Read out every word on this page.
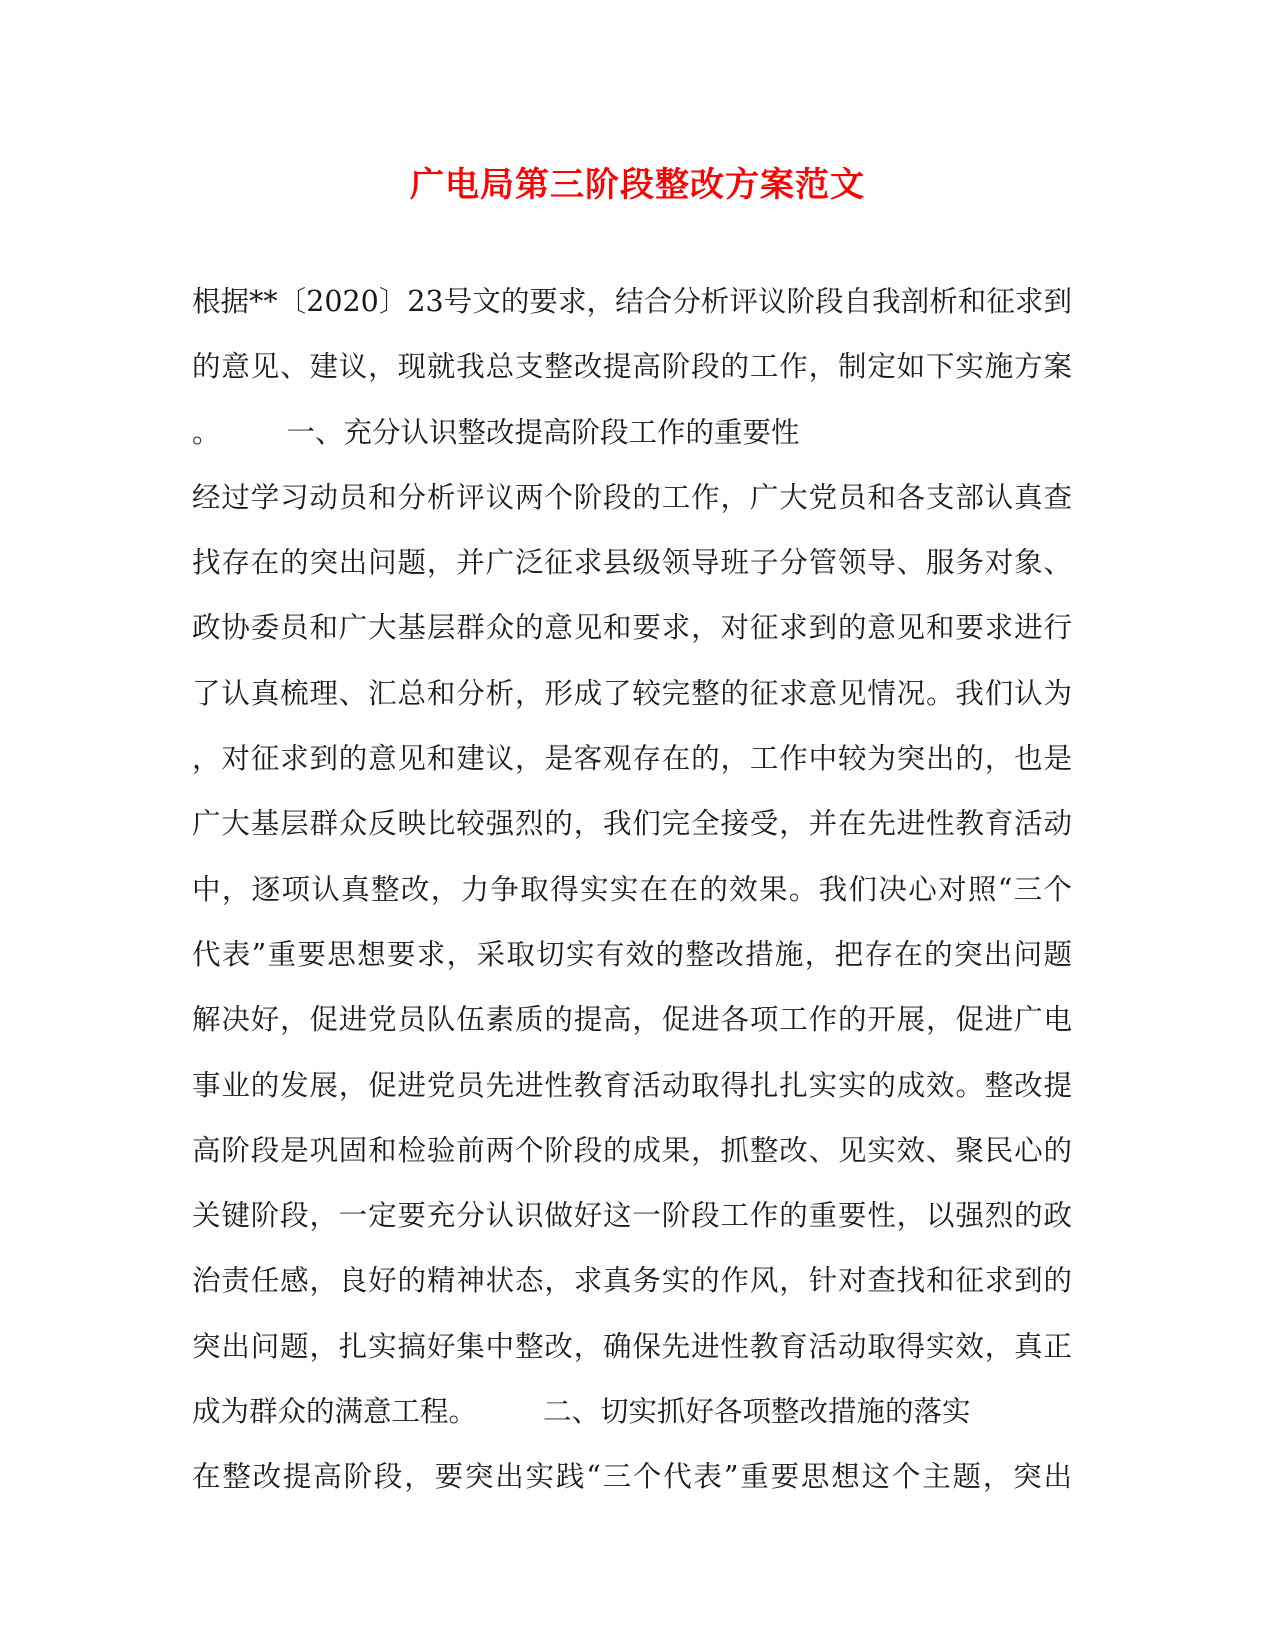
广电局第三阶段整改方案范文
根据**〔2020〕23号文的要求，结合分析评议阶段自我剖析和征求到
的意见、建议，现就我总支整改提高阶段的工作，制定如下实施方案
。 一、充分认识整改提高阶段工作的重要性
经过学习动员和分析评议两个阶段的工作，广大党员和各支部认真查
找存在的突出问题，并广泛征求县级领导班子分管领导、服务对象、
政协委员和广大基层群众的意见和要求，对征求到的意见和要求进行
了认真梳理、汇总和分析，形成了较完整的征求意见情况。我们认为
，对征求到的意见和建议，是客观存在的，工作中较为突出的，也是
广大基层群众反映比较强烈的，我们完全接受，并在先进性教育活动
中，逐项认真整改，力争取得实实在在的效果。我们决心对照“三个
代表”重要思想要求，采取切实有效的整改措施，把存在的突出问题
解决好，促进党员队伍素质的提高，促进各项工作的开展，促进广电
事业的发展，促进党员先进性教育活动取得扎扎实实的成效。整改提
高阶段是巩固和检验前两个阶段的成果，抓整改、见实效、聚民心的
关键阶段，一定要充分认识做好这一阶段工作的重要性，以强烈的政
治责任感，良好的精神状态，求真务实的作风，针对查找和征求到的
突出问题，扎实搞好集中整改，确保先进性教育活动取得实效，真正
成为群众的满意工程。 二、切实抓好各项整改措施的落实
在整改提高阶段，要突出实践“三个代表”重要思想这个主题，突出
